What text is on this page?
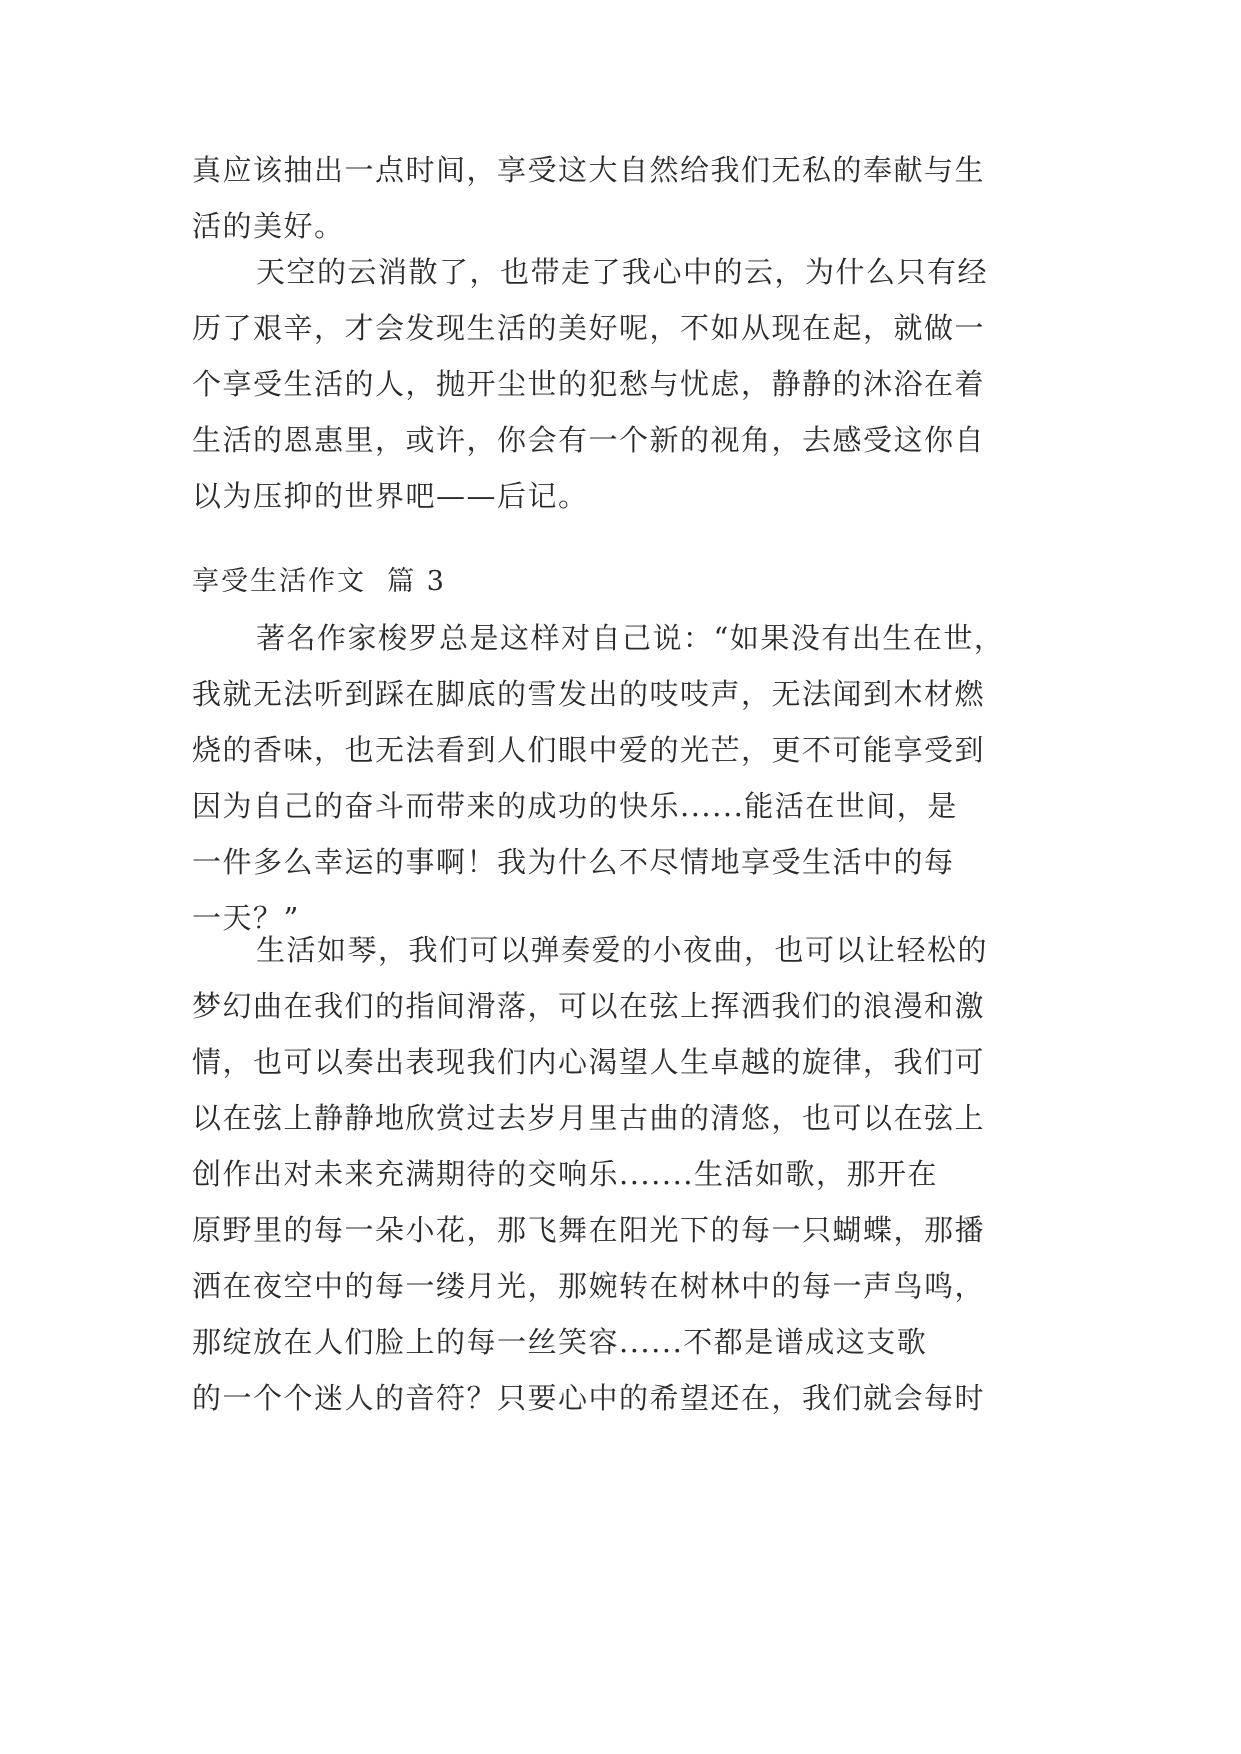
真应该抽出一点时间，享受这大自然给我们无私的奉献与生
活的美好。
天空的云消散了，也带走了我心中的云，为什么只有经
历了艰辛，才会发现生活的美好呢，不如从现在起，就做一
个享受生活的人，抛开尘世的犯愁与忧虑，静静的沐浴在着
生活的恩惠里，或许，你会有一个新的视角，去感受这你自
以为压抑的世界吧——后记。
享受生活作文  篇 3
著名作家梭罗总是这样对自己说：“如果没有出生在世，
我就无法听到踩在脚底的雪发出的吱吱声，无法闻到木材燃
烧的香味，也无法看到人们眼中爱的光芒，更不可能享受到
因为自己的奋斗而带来的成功的快乐......能活在世间，是
一件多么幸运的事啊！我为什么不尽情地享受生活中的每
一天？”
生活如琴，我们可以弹奏爱的小夜曲，也可以让轻松的
梦幻曲在我们的指间滑落，可以在弦上挥洒我们的浪漫和激
情，也可以奏出表现我们内心渴望人生卓越的旋律，我们可
以在弦上静静地欣赏过去岁月里古曲的清悠，也可以在弦上
创作出对未来充满期待的交响乐.......生活如歌，那开在
原野里的每一朵小花，那飞舞在阳光下的每一只蝴蝶，那播
洒在夜空中的每一缕月光，那婉转在树林中的每一声鸟鸣，
那绽放在人们脸上的每一丝笑容......不都是谱成这支歌
的一个个迷人的音符？只要心中的希望还在，我们就会每时
